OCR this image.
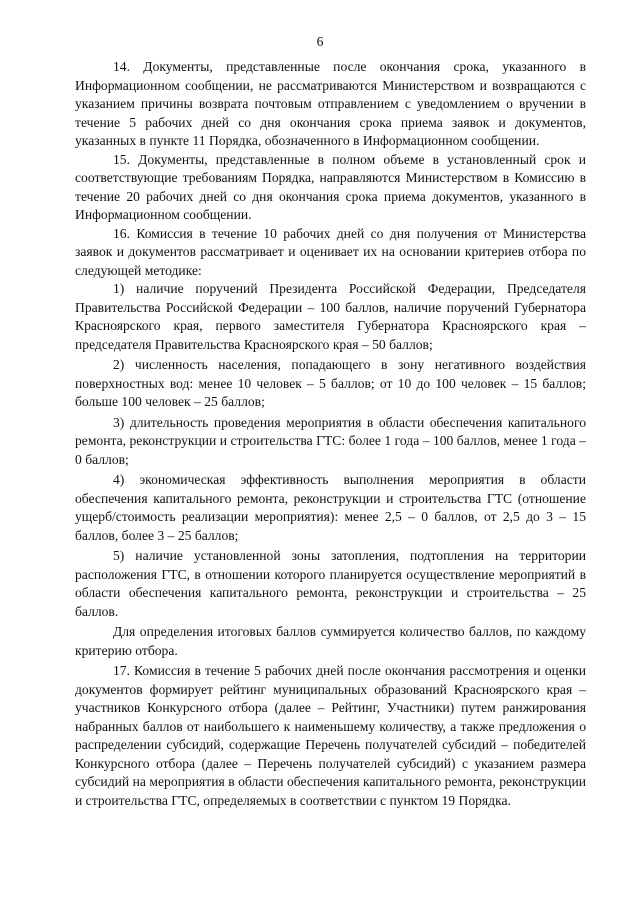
6

14. Документы, представленные после окончания срока, указанного в Информационном сообщении, не рассматриваются Министерством и возвращаются с указанием причины возврата почтовым отправлением с уведомлением о вручении в течение 5 рабочих дней со дня окончания срока приема заявок и документов, указанных в пункте 11 Порядка, обозначенного в Информационном сообщении.

15. Документы, представленные в полном объеме в установленный срок и соответствующие требованиям Порядка, направляются Министерством в Комиссию в течение 20 рабочих дней со дня окончания срока приема документов, указанного в Информационном сообщении.

16. Комиссия в течение 10 рабочих дней со дня получения от Министерства заявок и документов рассматривает и оценивает их на основании критериев отбора по следующей методике:

1) наличие поручений Президента Российской Федерации, Председателя Правительства Российской Федерации – 100 баллов, наличие поручений Губернатора Красноярского края, первого заместителя Губернатора Красноярского края – председателя Правительства Красноярского края – 50 баллов;

2) численность населения, попадающего в зону негативного воздействия поверхностных вод: менее 10 человек – 5 баллов; от 10 до 100 человек – 15 баллов; больше 100 человек – 25 баллов;

3) длительность проведения мероприятия в области обеспечения капитального ремонта, реконструкции и строительства ГТС: более 1 года – 100 баллов, менее 1 года – 0 баллов;

4) экономическая эффективность выполнения мероприятия в области обеспечения капитального ремонта, реконструкции и строительства ГТС (отношение ущерб/стоимость реализации мероприятия): менее 2,5 – 0 баллов, от 2,5 до 3 – 15 баллов, более 3 – 25 баллов;

5) наличие установленной зоны затопления, подтопления на территории расположения ГТС, в отношении которого планируется осуществление мероприятий в области обеспечения капитального ремонта, реконструкции и строительства – 25 баллов.

Для определения итоговых баллов суммируется количество баллов, по каждому критерию отбора.

17. Комиссия в течение 5 рабочих дней после окончания рассмотрения и оценки документов формирует рейтинг муниципальных образований Красноярского края – участников Конкурсного отбора (далее – Рейтинг, Участники) путем ранжирования набранных баллов от наибольшего к наименьшему количеству, а также предложения о распределении субсидий, содержащие Перечень получателей субсидий – победителей Конкурсного отбора (далее – Перечень получателей субсидий) с указанием размера субсидий на мероприятия в области обеспечения капитального ремонта, реконструкции и строительства ГТС, определяемых в соответствии с пунктом 19 Порядка.
